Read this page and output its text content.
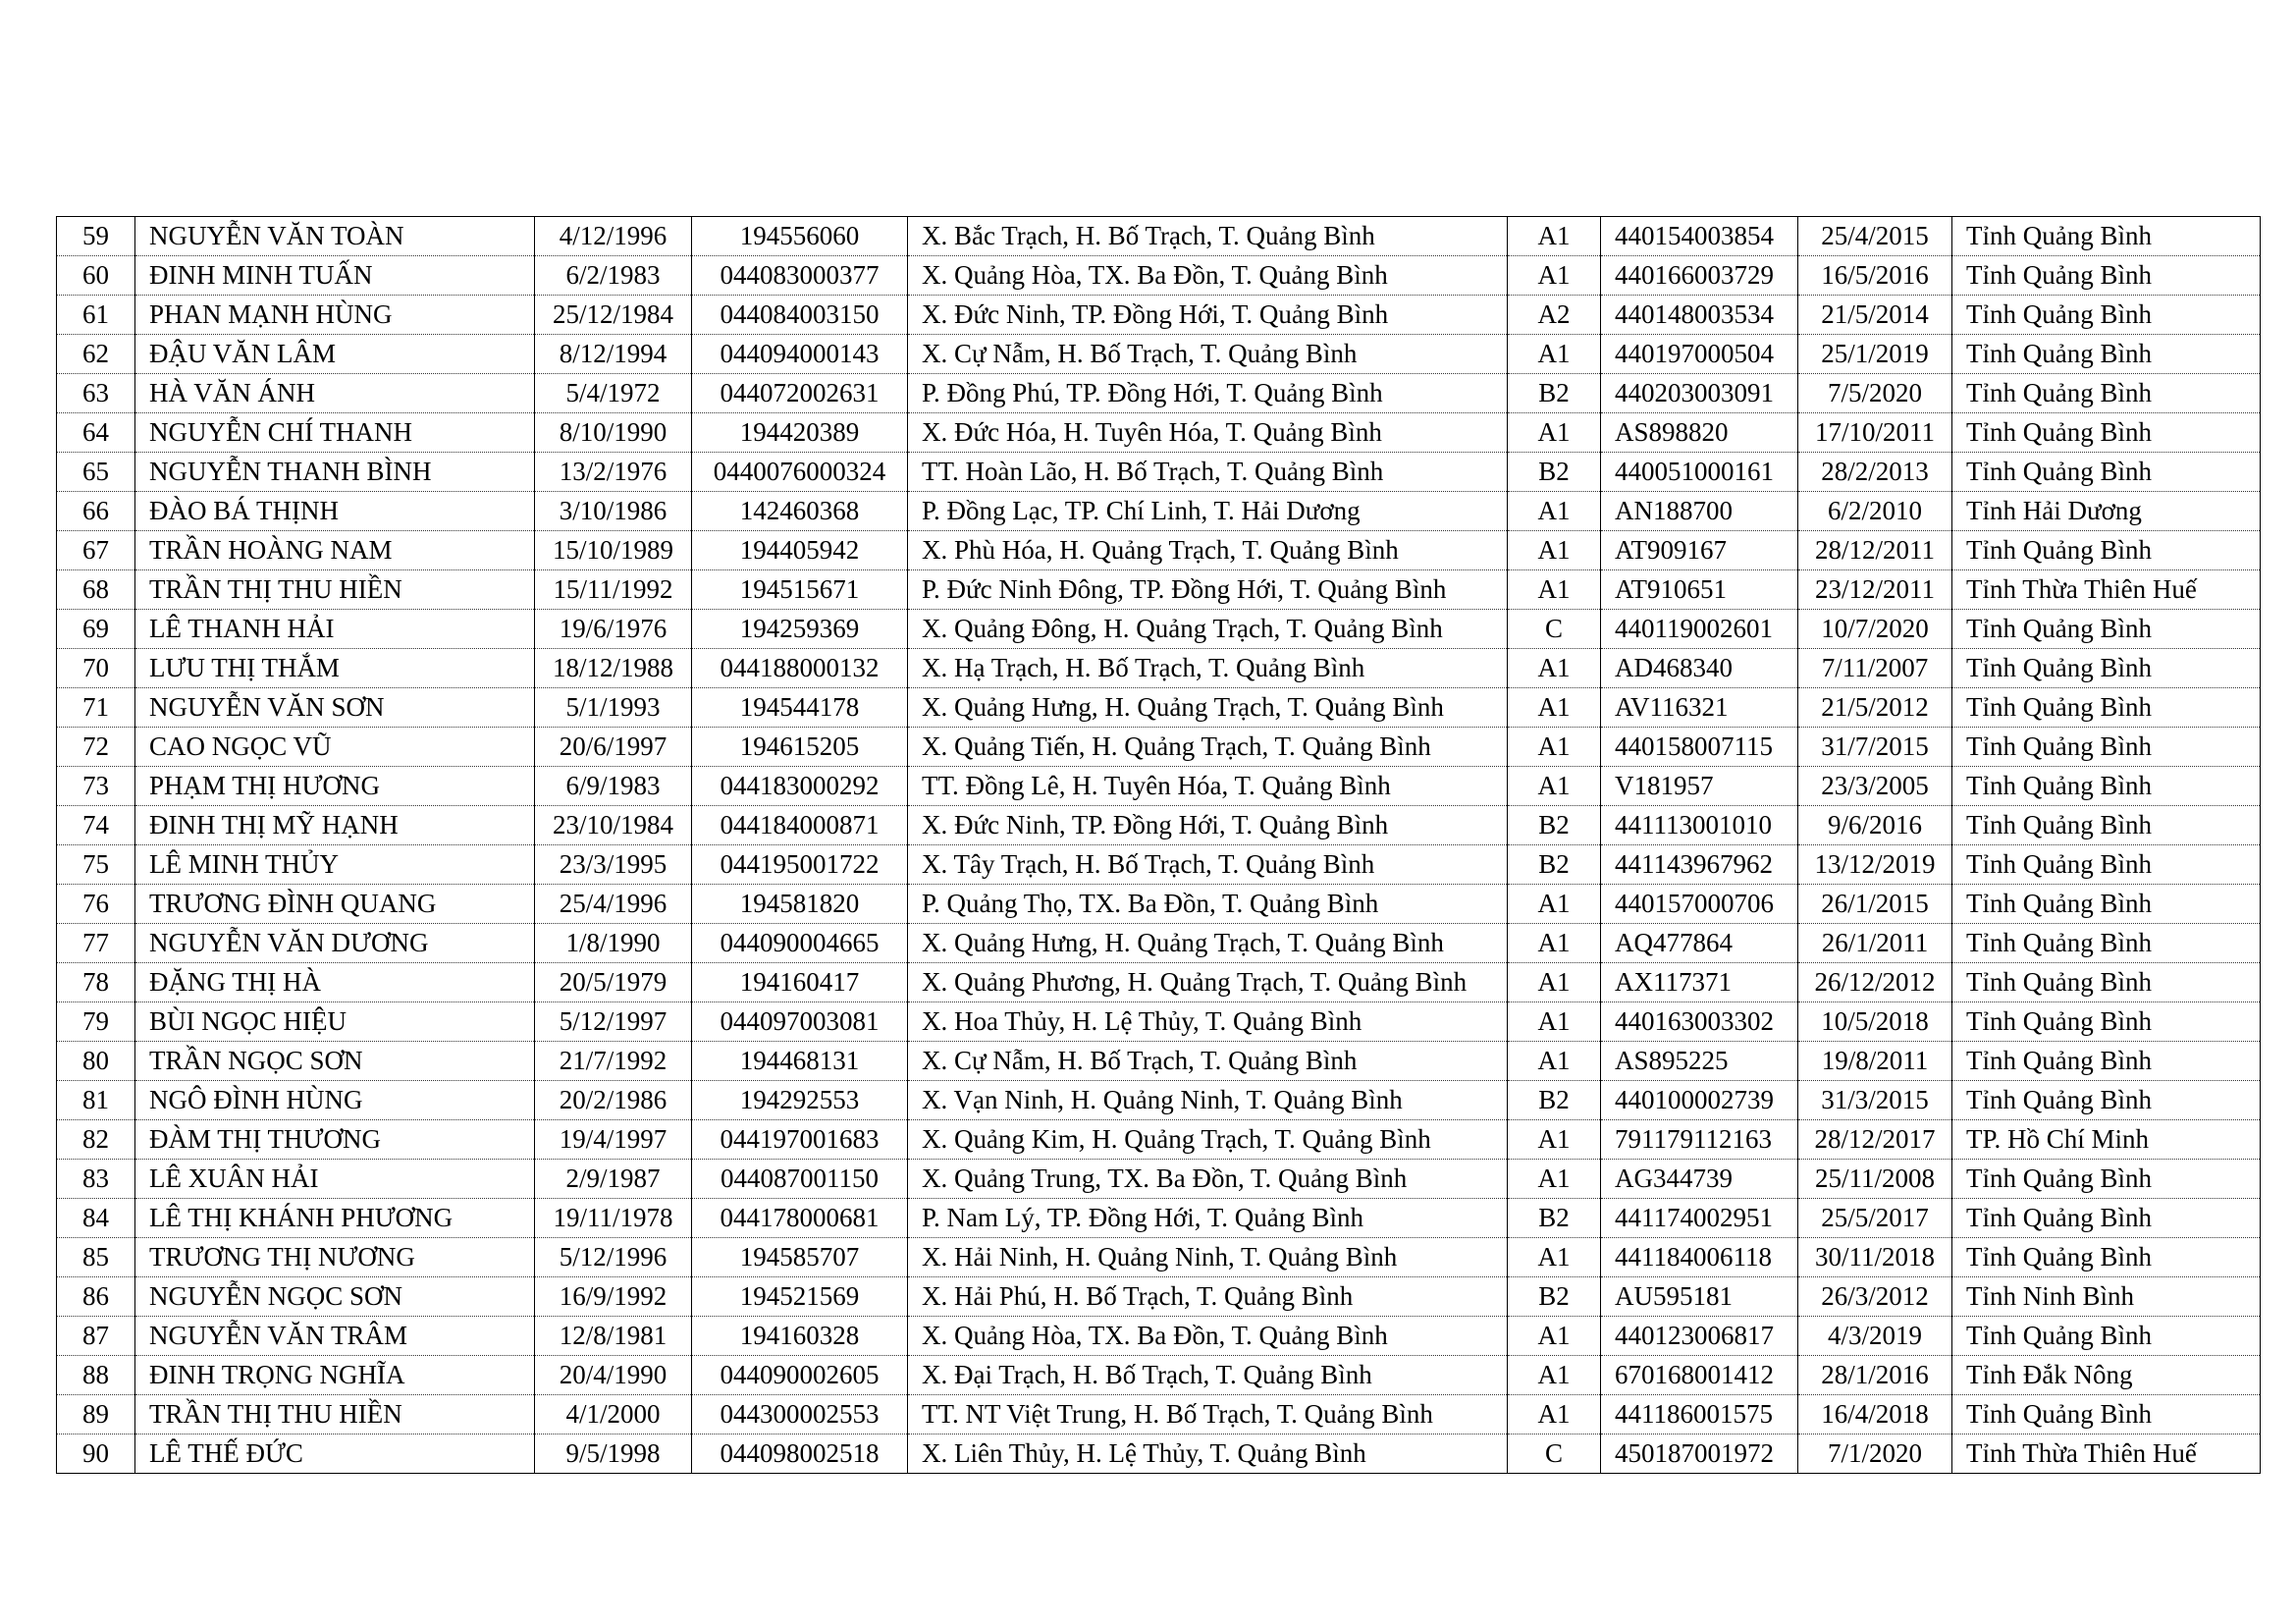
59	NGUYỄN VĂN TOÀN	4/12/1996	194556060	X. Bắc Trạch, H. Bố Trạch, T. Quảng Bình	A1	440154003854	25/4/2015	Tỉnh Quảng Bình
60	ĐINH MINH TUẤN	6/2/1983	044083000377	X. Quảng Hòa, TX. Ba Đồn, T. Quảng Bình	A1	440166003729	16/5/2016	Tỉnh Quảng Bình
61	PHAN MẠNH HÙNG	25/12/1984	044084003150	X. Đức Ninh, TP. Đồng Hới, T. Quảng Bình	A2	440148003534	21/5/2014	Tỉnh Quảng Bình
62	ĐẬU VĂN LÂM	8/12/1994	044094000143	X. Cự Nẫm, H. Bố Trạch, T. Quảng Bình	A1	440197000504	25/1/2019	Tỉnh Quảng Bình
63	HÀ VĂN ÁNH	5/4/1972	044072002631	P. Đồng Phú, TP. Đồng Hới, T. Quảng Bình	B2	440203003091	7/5/2020	Tỉnh Quảng Bình
64	NGUYỄN CHÍ THANH	8/10/1990	194420389	X. Đức Hóa, H. Tuyên Hóa, T. Quảng Bình	A1	AS898820	17/10/2011	Tỉnh Quảng Bình
65	NGUYỄN THANH BÌNH	13/2/1976	0440076000324	TT. Hoàn Lão, H. Bố Trạch, T. Quảng Bình	B2	440051000161	28/2/2013	Tỉnh Quảng Bình
66	ĐÀO BÁ THỊNH	3/10/1986	142460368	P. Đồng Lạc, TP. Chí Linh, T. Hải Dương	A1	AN188700	6/2/2010	Tỉnh Hải Dương
67	TRẦN HOÀNG NAM	15/10/1989	194405942	X. Phù Hóa, H. Quảng Trạch, T. Quảng Bình	A1	AT909167	28/12/2011	Tỉnh Quảng Bình
68	TRẦN THỊ THU HIỀN	15/11/1992	194515671	P. Đức Ninh Đông, TP. Đồng Hới, T. Quảng Bình	A1	AT910651	23/12/2011	Tỉnh Thừa Thiên Huế
69	LÊ THANH HẢI	19/6/1976	194259369	X. Quảng Đông, H. Quảng Trạch, T. Quảng Bình	C	440119002601	10/7/2020	Tỉnh Quảng Bình
70	LƯU THỊ THẮM	18/12/1988	044188000132	X. Hạ Trạch, H. Bố Trạch, T. Quảng Bình	A1	AD468340	7/11/2007	Tỉnh Quảng Bình
71	NGUYỄN VĂN SƠN	5/1/1993	194544178	X. Quảng Hưng, H. Quảng Trạch, T. Quảng Bình	A1	AV116321	21/5/2012	Tỉnh Quảng Bình
72	CAO NGỌC VŨ	20/6/1997	194615205	X. Quảng Tiến, H. Quảng Trạch, T. Quảng Bình	A1	440158007115	31/7/2015	Tỉnh Quảng Bình
73	PHẠM THỊ HƯƠNG	6/9/1983	044183000292	TT. Đồng Lê, H. Tuyên Hóa, T. Quảng Bình	A1	V181957	23/3/2005	Tỉnh Quảng Bình
74	ĐINH THỊ MỸ HẠNH	23/10/1984	044184000871	X. Đức Ninh, TP. Đồng Hới, T. Quảng Bình	B2	441113001010	9/6/2016	Tỉnh Quảng Bình
75	LÊ MINH THỦY	23/3/1995	044195001722	X. Tây Trạch, H. Bố Trạch, T. Quảng Bình	B2	441143967962	13/12/2019	Tỉnh Quảng Bình
76	TRƯƠNG ĐÌNH QUANG	25/4/1996	194581820	P. Quảng Thọ, TX. Ba Đồn, T. Quảng Bình	A1	440157000706	26/1/2015	Tỉnh Quảng Bình
77	NGUYỄN VĂN DƯƠNG	1/8/1990	044090004665	X. Quảng Hưng, H. Quảng Trạch, T. Quảng Bình	A1	AQ477864	26/1/2011	Tỉnh Quảng Bình
78	ĐẶNG THỊ HÀ	20/5/1979	194160417	X. Quảng Phương, H. Quảng Trạch, T. Quảng Bình	A1	AX117371	26/12/2012	Tỉnh Quảng Bình
79	BÙI NGỌC HIỆU	5/12/1997	044097003081	X. Hoa Thủy, H. Lệ Thủy, T. Quảng Bình	A1	440163003302	10/5/2018	Tỉnh Quảng Bình
80	TRẦN NGỌC SƠN	21/7/1992	194468131	X. Cự Nẫm, H. Bố Trạch, T. Quảng Bình	A1	AS895225	19/8/2011	Tỉnh Quảng Bình
81	NGÔ ĐÌNH HÙNG	20/2/1986	194292553	X. Vạn Ninh, H. Quảng Ninh, T. Quảng Bình	B2	440100002739	31/3/2015	Tỉnh Quảng Bình
82	ĐÀM THỊ THƯƠNG	19/4/1997	044197001683	X. Quảng Kim, H. Quảng Trạch, T. Quảng Bình	A1	791179112163	28/12/2017	TP. Hồ Chí Minh
83	LÊ XUÂN HẢI	2/9/1987	044087001150	X. Quảng Trung, TX. Ba Đồn, T. Quảng Bình	A1	AG344739	25/11/2008	Tỉnh Quảng Bình
84	LÊ THỊ KHÁNH PHƯƠNG	19/11/1978	044178000681	P. Nam Lý, TP. Đồng Hới, T. Quảng Bình	B2	441174002951	25/5/2017	Tỉnh Quảng Bình
85	TRƯƠNG THỊ NƯƠNG	5/12/1996	194585707	X. Hải Ninh, H. Quảng Ninh, T. Quảng Bình	A1	441184006118	30/11/2018	Tỉnh Quảng Bình
86	NGUYỄN NGỌC SƠN	16/9/1992	194521569	X. Hải Phú, H. Bố Trạch, T. Quảng Bình	B2	AU595181	26/3/2012	Tỉnh Ninh Bình
87	NGUYỄN VĂN TRÂM	12/8/1981	194160328	X. Quảng Hòa, TX. Ba Đồn, T. Quảng Bình	A1	440123006817	4/3/2019	Tỉnh Quảng Bình
88	ĐINH TRỌNG NGHĨA	20/4/1990	044090002605	X. Đại Trạch, H. Bố Trạch, T. Quảng Bình	A1	670168001412	28/1/2016	Tỉnh Đắk Nông
89	TRẦN THỊ THU HIỀN	4/1/2000	044300002553	TT. NT Việt Trung, H. Bố Trạch, T. Quảng Bình	A1	441186001575	16/4/2018	Tỉnh Quảng Bình
90	LÊ THẾ ĐỨC	9/5/1998	044098002518	X. Liên Thủy, H. Lệ Thủy, T. Quảng Bình	C	450187001972	7/1/2020	Tỉnh Thừa Thiên Huế
